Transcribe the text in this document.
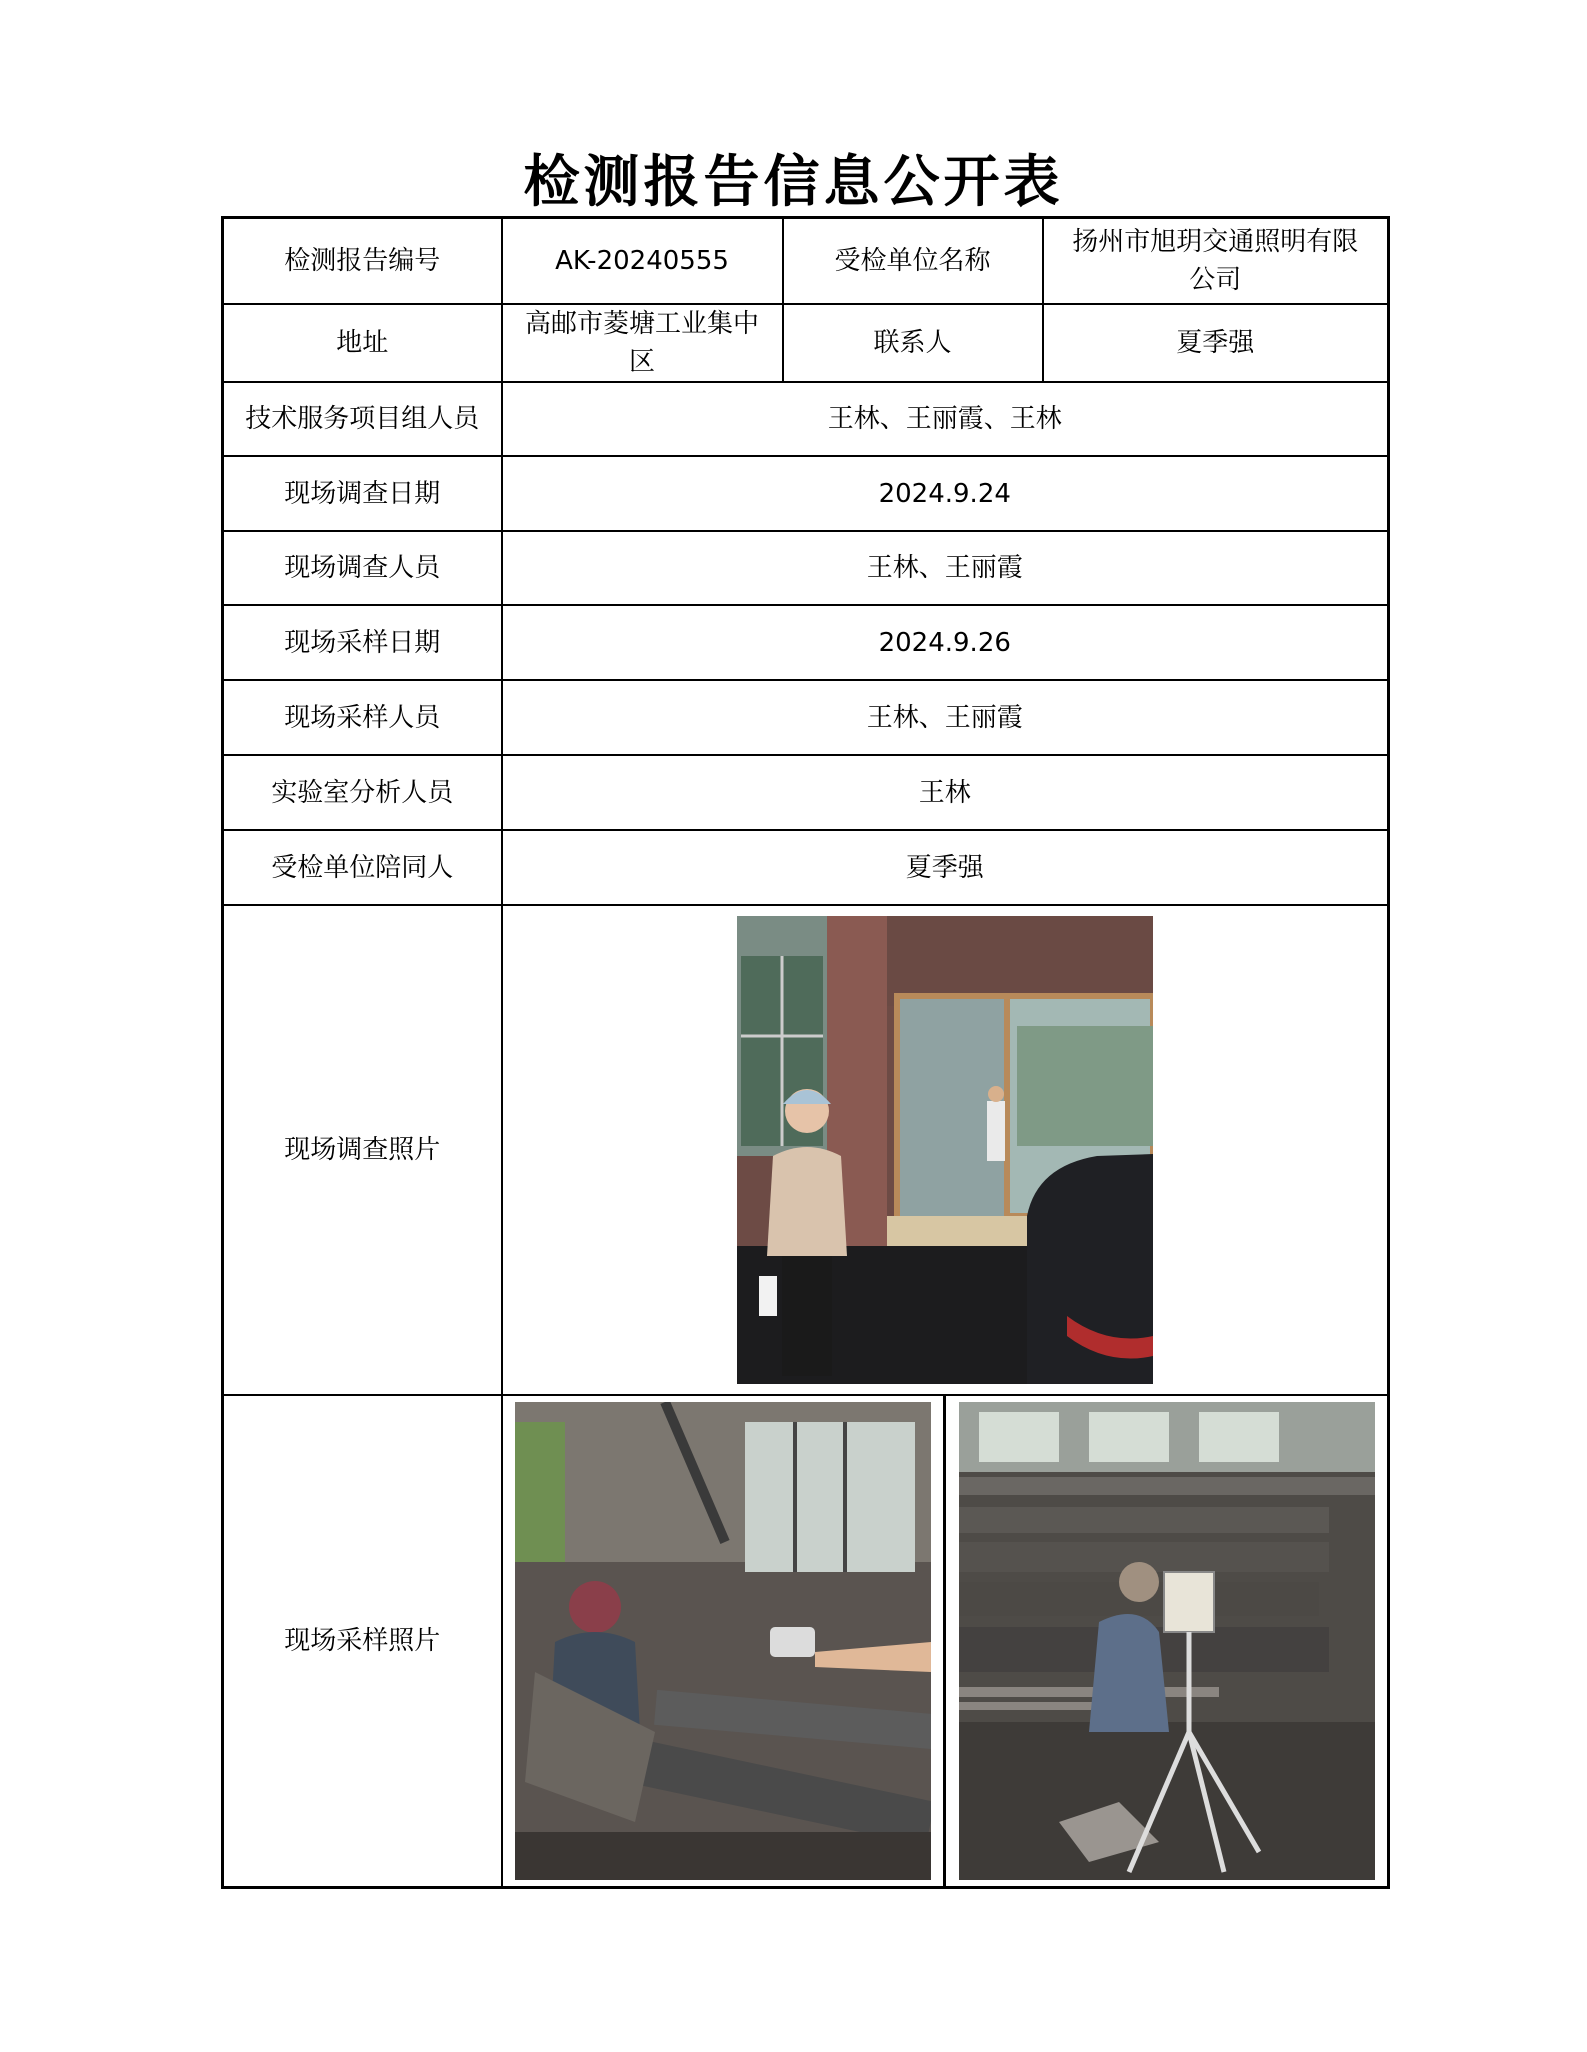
检测报告信息公开表
检测报告编号	AK-20240555	受检单位名称	扬州市旭玥交通照明有限公司
地址	高邮市菱塘工业集中区	联系人	夏季强
技术服务项目组人员	王林、王丽霞、王林		
现场调查日期	2024.9.24		
现场调查人员	王林、王丽霞		
现场采样日期	2024.9.26		
现场采样人员	王林、王丽霞		
实验室分析人员	王林		
受检单位陪同人	夏季强		
现场调查照片	

现场采样照片	
